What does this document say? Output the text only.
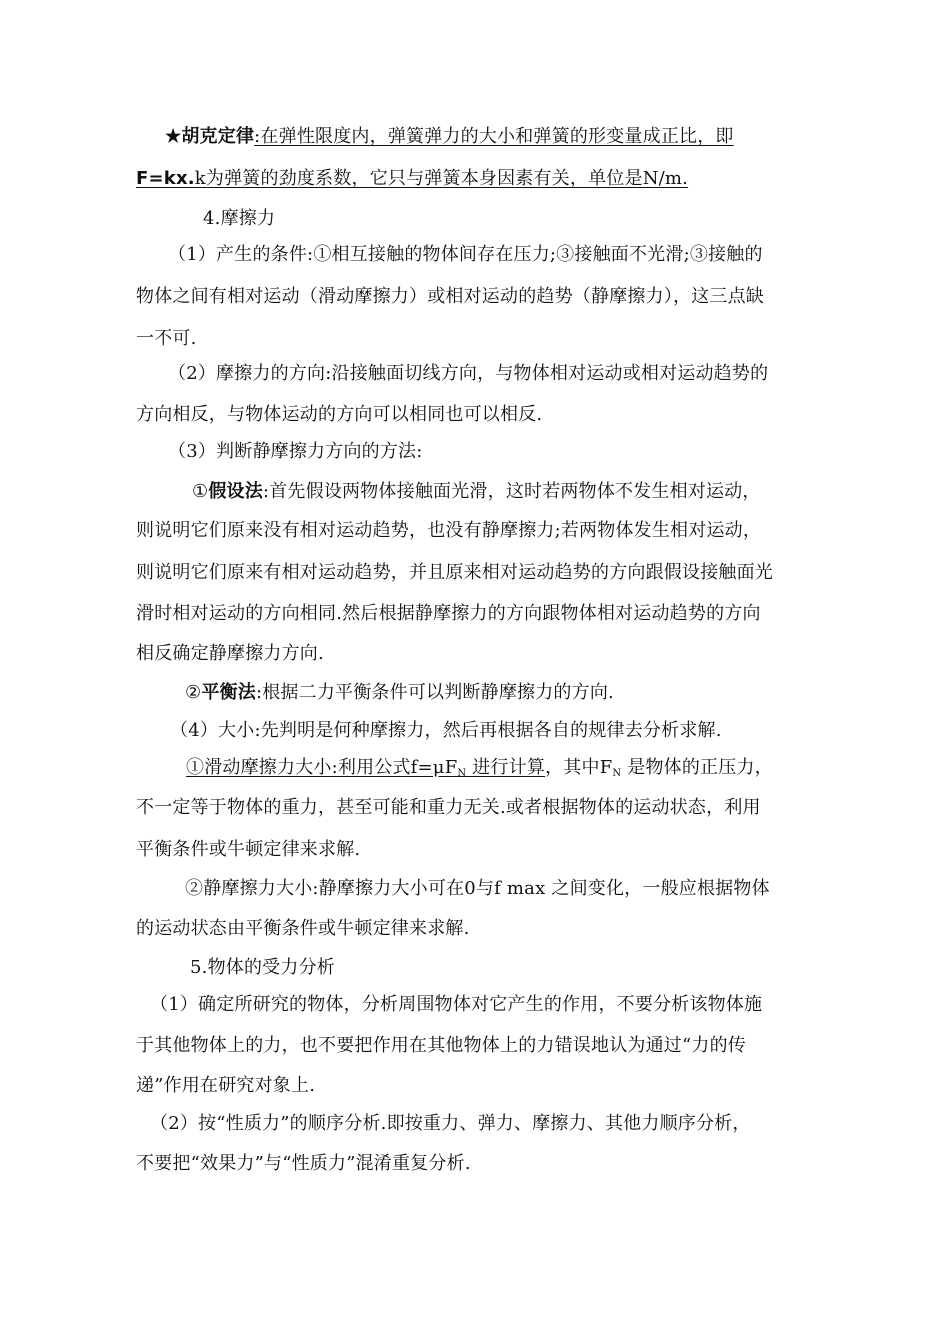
★胡克定律:在弹性限度内，弹簧弹力的大小和弹簧的形变量成正比，即
F=kx.k为弹簧的劲度系数，它只与弹簧本身因素有关，单位是N/m.
4.摩擦力
（1）产生的条件:①相互接触的物体间存在压力;③接触面不光滑;③接触的
物体之间有相对运动（滑动摩擦力）或相对运动的趋势（静摩擦力），这三点缺
一不可.
（2）摩擦力的方向:沿接触面切线方向，与物体相对运动或相对运动趋势的
方向相反，与物体运动的方向可以相同也可以相反.
（3）判断静摩擦力方向的方法:
①假设法:首先假设两物体接触面光滑，这时若两物体不发生相对运动，
则说明它们原来没有相对运动趋势，也没有静摩擦力;若两物体发生相对运动，
则说明它们原来有相对运动趋势，并且原来相对运动趋势的方向跟假设接触面光
滑时相对运动的方向相同.然后根据静摩擦力的方向跟物体相对运动趋势的方向
相反确定静摩擦力方向.
②平衡法:根据二力平衡条件可以判断静摩擦力的方向.
（4）大小:先判明是何种摩擦力，然后再根据各自的规律去分析求解.
①滑动摩擦力大小:利用公式$f=\mu F_N$ 进行计算，其中$F_N$ 是物体的正压力，
不一定等于物体的重力，甚至可能和重力无关.或者根据物体的运动状态，利用
平衡条件或牛顿定律来求解.
②静摩擦力大小:静摩擦力大小可在0与f max 之间变化，一般应根据物体
的运动状态由平衡条件或牛顿定律来求解.
5.物体的受力分析
（1）确定所研究的物体，分析周围物体对它产生的作用，不要分析该物体施
于其他物体上的力，也不要把作用在其他物体上的力错误地认为通过“力的传
递”作用在研究对象上.
（2）按“性质力”的顺序分析.即按重力、弹力、摩擦力、其他力顺序分析，
不要把“效果力”与“性质力”混淆重复分析.
